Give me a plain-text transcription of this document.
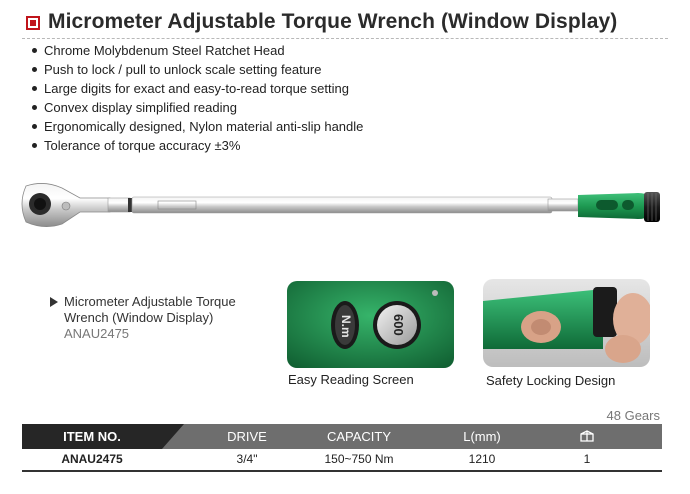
Micrometer Adjustable Torque Wrench (Window Display)
Chrome Molybdenum Steel Ratchet Head
Push to lock / pull to unlock scale setting feature
Large digits for exact and easy-to-read torque setting
Convex display simplified reading
Ergonomically designed, Nylon material anti-slip handle
Tolerance of torque accuracy ±3%
Micrometer Adjustable Torque
Wrench (Window Display)
ANAU2475	N.m	600
Easy Reading Screen	Safety Locking Design
48 Gears
ITEM NO.	DRIVE	CAPACITY	L(mm)
ANAU2475	3/4"	150~750 Nm	1210	1
